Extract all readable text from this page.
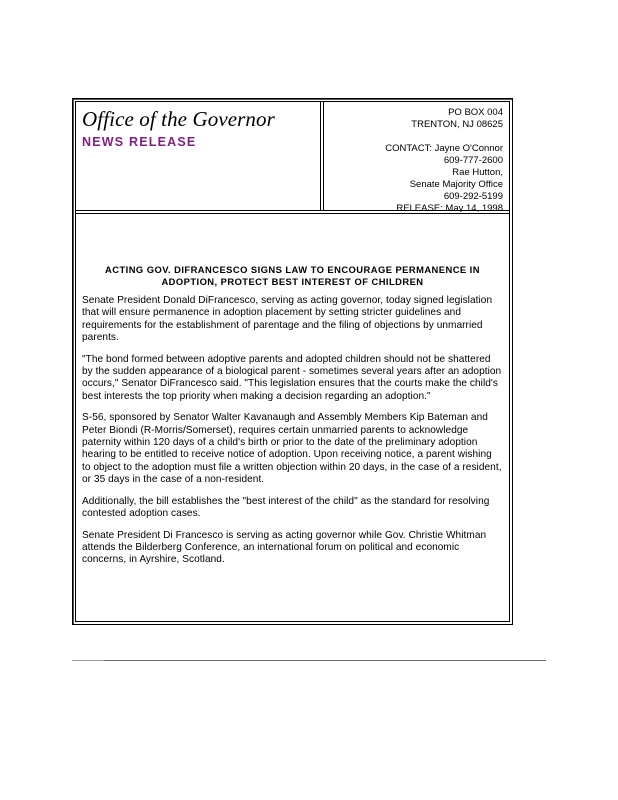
Office of the Governor
NEWS RELEASE
PO BOX 004
TRENTON, NJ 08625
CONTACT: Jayne O'Connor
609-777-2600
Rae Hutton,
Senate Majority Office
609-292-5199
RELEASE: May 14, 1998
ACTING GOV. DIFRANCESCO SIGNS LAW TO ENCOURAGE PERMANENCE IN
ADOPTION, PROTECT BEST INTEREST OF CHILDREN

Senate President Donald DiFrancesco, serving as acting governor, today signed legislation that will ensure permanence in adoption placement by setting stricter guidelines and requirements for the establishment of parentage and the filing of objections by unmarried parents.

"The bond formed between adoptive parents and adopted children should not be shattered by the sudden appearance of a biological parent - sometimes several years after an adoption occurs," Senator DiFrancesco said. "This legislation ensures that the courts make the child's best interests the top priority when making a decision regarding an adoption."

S-56, sponsored by Senator Walter Kavanaugh and Assembly Members Kip Bateman and Peter Biondi (R-Morris/Somerset), requires certain unmarried parents to acknowledge paternity within 120 days of a child's birth or prior to the date of the preliminary adoption hearing to be entitled to receive notice of adoption. Upon receiving notice, a parent wishing to object to the adoption must file a written objection within 20 days, in the case of a resident, or 35 days in the case of a non-resident.

Additionally, the bill establishes the "best interest of the child" as the standard for resolving contested adoption cases.

Senate President Di Francesco is serving as acting governor while Gov. Christie Whitman attends the Bilderberg Conference, an international forum on political and economic concerns, in Ayrshire, Scotland.
